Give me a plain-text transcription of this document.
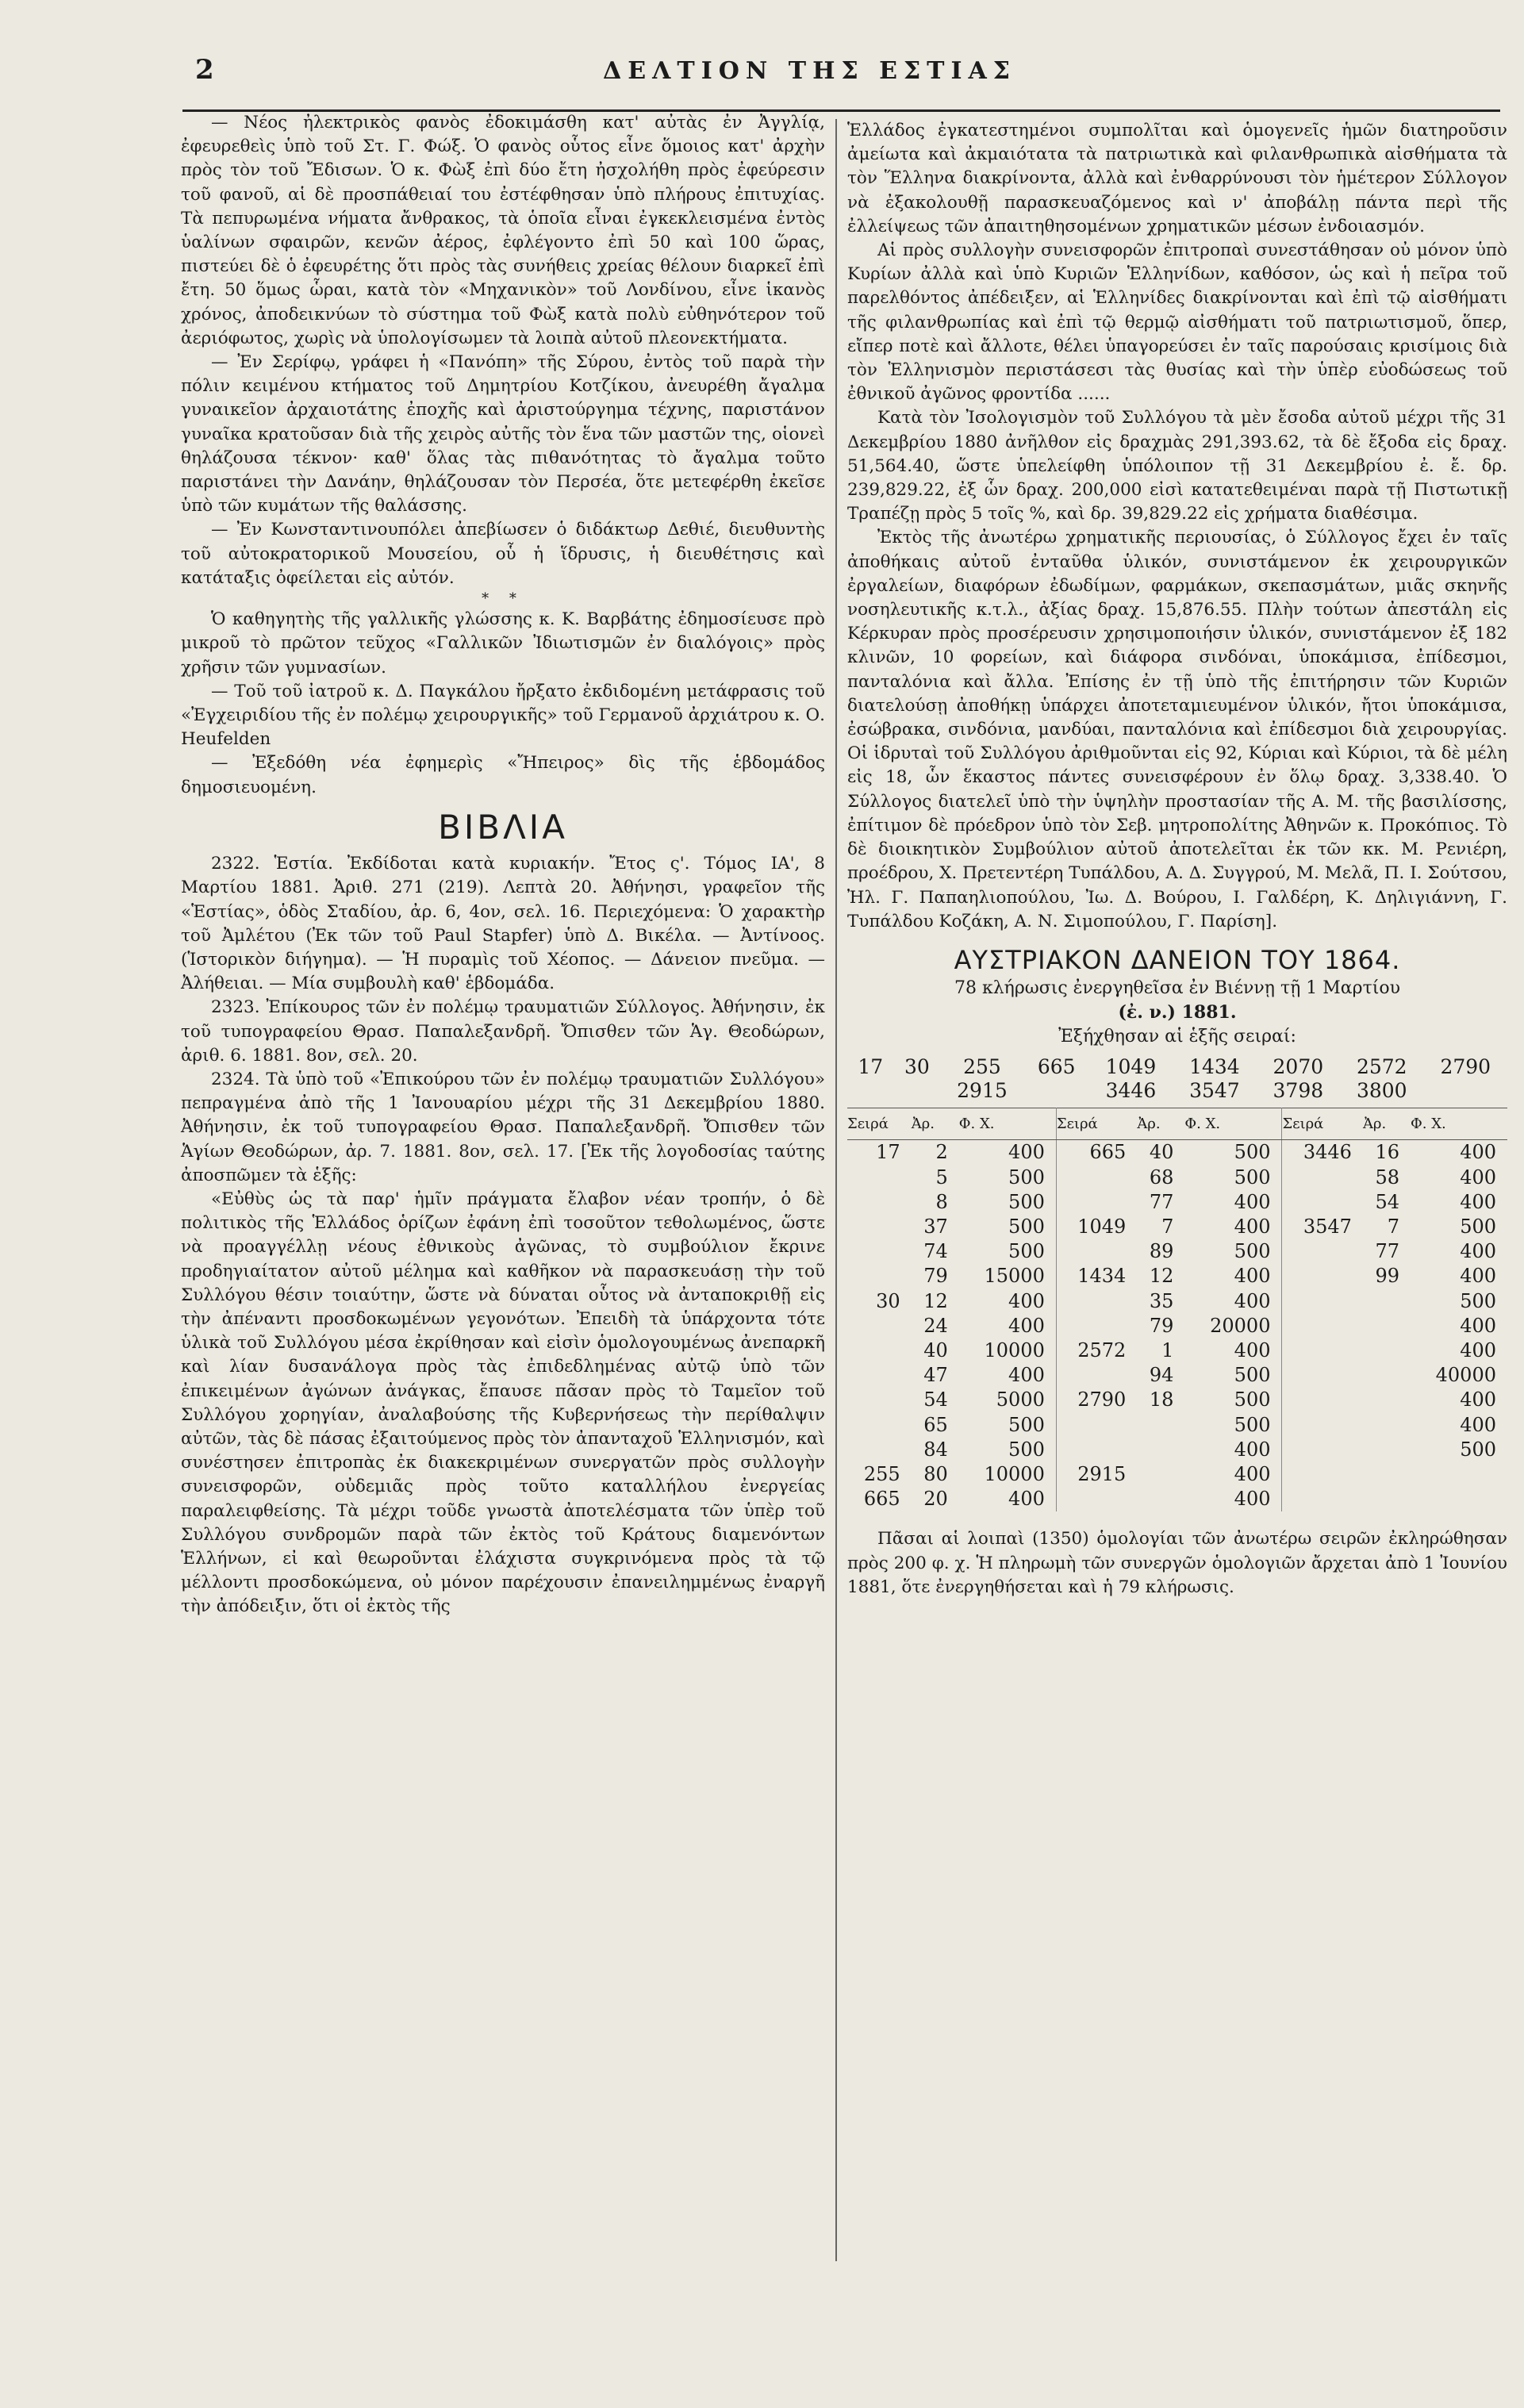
2	ΔΕΛΤΙΟΝ ΤΗΣ ΕΣΤΙΑΣ

— Νέος ἠλεκτρικὸς φανὸς ἐδοκιμάσθη κατ' αὐτὰς ἐν Ἀγγλίᾳ, ἐφευρεθεὶς ὑπὸ τοῦ Στ. Γ. Φώξ. Ὁ φανὸς οὗτος εἶνε ὅμοιος κατ' ἀρχὴν πρὸς τὸν τοῦ Ἔδισων. Ὁ κ. Φὼξ ἐπὶ δύο ἔτη ἠσχολήθη πρὸς ἐφεύρεσιν τοῦ φανοῦ, αἱ δὲ προσπάθειαί του ἐστέφθησαν ὑπὸ πλήρους ἐπιτυχίας. Τὰ πεπυρωμένα νήματα ἄνθρακος, τὰ ὁποῖα εἶναι ἐγκεκλεισμένα ἐντὸς ὑαλίνων σφαιρῶν, κενῶν ἀέρος, ἐφλέγοντο ἐπὶ 50 καὶ 100 ὥρας, πιστεύει δὲ ὁ ἐφευρέτης ὅτι πρὸς τὰς συνήθεις χρείας θέλουν διαρκεῖ ἐπὶ ἔτη. 50 ὅμως ὧραι, κατὰ τὸν «Μηχανικὸν» τοῦ Λονδίνου, εἶνε ἱκανὸς χρόνος, ἀποδεικνύων τὸ σύστημα τοῦ Φὼξ κατὰ πολὺ εὐθηνότερον τοῦ ἀεριόφωτος, χωρὶς νὰ ὑπολογίσωμεν τὰ λοιπὰ αὐτοῦ πλεονεκτήματα.

— Ἐν Σερίφῳ, γράφει ἡ «Πανόπη» τῆς Σύρου, ἐντὸς τοῦ παρὰ τὴν πόλιν κειμένου κτήματος τοῦ Δημητρίου Κοτζίκου, ἀνευρέθη ἄγαλμα γυναικεῖον ἀρχαιοτάτης ἐποχῆς καὶ ἀριστούργημα τέχνης, παριστάνον γυναῖκα κρατοῦσαν διὰ τῆς χειρὸς αὐτῆς τὸν ἕνα τῶν μαστῶν της, οἱονεὶ θηλάζουσα τέκνον· καθ' ὅλας τὰς πιθανότητας τὸ ἄγαλμα τοῦτο παριστάνει τὴν Δανάην, θηλάζουσαν τὸν Περσέα, ὅτε μετεφέρθη ἐκεῖσε ὑπὸ τῶν κυμάτων τῆς θαλάσσης.

— Ἐν Κωνσταντινουπόλει ἀπεβίωσεν ὁ διδάκτωρ Δεθιέ, διευθυντὴς τοῦ αὐτοκρατορικοῦ Μουσείου, οὗ ἡ ἵδρυσις, ἡ διευθέτησις καὶ κατάταξις ὀφείλεται εἰς αὐτόν.

* *

Ὁ καθηγητὴς τῆς γαλλικῆς γλώσσης κ. Κ. Βαρβάτης ἐδημοσίευσε πρὸ μικροῦ τὸ πρῶτον τεῦχος «Γαλλικῶν Ἰδιωτισμῶν ἐν διαλόγοις» πρὸς χρῆσιν τῶν γυμνασίων.

— Τοῦ τοῦ ἰατροῦ κ. Δ. Παγκάλου ἤρξατο ἐκδιδομένη μετάφρασις τοῦ «Ἐγχειριδίου τῆς ἐν πολέμῳ χειρουργικῆς» τοῦ Γερμανοῦ ἀρχιάτρου κ. Ο. Heufelden

— Ἐξεδόθη νέα ἐφημερὶς «Ἤπειρος» δὶς τῆς ἑβδομάδος δημοσιευομένη.

ΒΙΒΛΙΑ

2322. Ἑστία. Ἐκδίδοται κατὰ κυριακήν. Ἔτος ς'. Τόμος ΙΑ', 8 Μαρτίου 1881. Ἀριθ. 271 (219). Λεπτὰ 20. Ἀθήνησι, γραφεῖον τῆς «Ἑστίας», ὁδὸς Σταδίου, ἀρ. 6, 4ον, σελ. 16. Περιεχόμενα: Ὁ χαρακτὴρ τοῦ Ἀμλέτου (Ἐκ τῶν τοῦ Paul Stapfer) ὑπὸ Δ. Βικέλα. — Ἀντίνοος. (Ἱστορικὸν διήγημα). — Ἡ πυραμὶς τοῦ Χέοπος. — Δάνειον πνεῦμα. — Ἀλήθειαι. — Μία συμβουλὴ καθ' ἑβδομάδα.

2323. Ἐπίκουρος τῶν ἐν πολέμῳ τραυματιῶν Σύλλογος. Ἀθήνησιν, ἐκ τοῦ τυπογραφείου Θρασ. Παπαλεξανδρῆ. Ὄπισθεν τῶν Ἁγ. Θεοδώρων, ἀριθ. 6. 1881. 8ον, σελ. 20.

2324. Τὰ ὑπὸ τοῦ «Ἐπικούρου τῶν ἐν πολέμῳ τραυματιῶν Συλλόγου» πεπραγμένα ἀπὸ τῆς 1 Ἰανουαρίου μέχρι τῆς 31 Δεκεμβρίου 1880. Ἀθήνησιν, ἐκ τοῦ τυπογραφείου Θρασ. Παπαλεξανδρῆ. Ὄπισθεν τῶν Ἁγίων Θεοδώρων, ἀρ. 7. 1881. 8ον, σελ. 17. [Ἐκ τῆς λογοδοσίας ταύτης ἀποσπῶμεν τὰ ἑξῆς:

«Εὐθὺς ὡς τὰ παρ' ἡμῖν πράγματα ἔλαβον νέαν τροπήν, ὁ δὲ πολιτικὸς τῆς Ἑλλάδος ὁρίζων ἐφάνη ἐπὶ τοσοῦτον τεθολωμένος, ὥστε νὰ προαγγέλλῃ νέους ἐθνικοὺς ἀγῶνας, τὸ συμβούλιον ἔκρινε προδηγιαίτατον αὐτοῦ μέλημα καὶ καθῆκον νὰ παρασκευάσῃ τὴν τοῦ Συλλόγου θέσιν τοιαύτην, ὥστε νὰ δύναται οὗτος νὰ ἀνταποκριθῇ εἰς τὴν ἀπέναντι προσδοκωμένων γεγονότων. Ἐπειδὴ τὰ ὑπάρχοντα τότε ὑλικὰ τοῦ Συλλόγου μέσα ἐκρίθησαν καὶ εἰσὶν ὁμολογουμένως ἀνεπαρκῆ καὶ λίαν δυσανάλογα πρὸς τὰς ἐπιδεδλημένας αὐτῷ ὑπὸ τῶν ἐπικειμένων ἀγώνων ἀνάγκας, ἔπαυσε πᾶσαν πρὸς τὸ Ταμεῖον τοῦ Συλλόγου χορηγίαν, ἀναλαβούσης τῆς Κυβερνήσεως τὴν περίθαλψιν αὐτῶν, τὰς δὲ πάσας ἐξαιτούμενος πρὸς τὸν ἀπανταχοῦ Ἑλληνισμόν, καὶ συνέστησεν ἐπιτροπὰς ἐκ διακεκριμένων συνεργατῶν πρὸς συλλογὴν συνεισφορῶν, οὐδεμιᾶς πρὸς τοῦτο καταλλήλου ἐνεργείας παραλειφθείσης. Τὰ μέχρι τοῦδε γνωστὰ ἀποτελέσματα τῶν ὑπὲρ τοῦ Συλλόγου συνδρομῶν παρὰ τῶν ἐκτὸς τοῦ Κράτους διαμενόντων Ἑλλήνων, εἰ καὶ θεωροῦνται ἐλάχιστα συγκρινόμενα πρὸς τὰ τῷ μέλλοντι προσδοκώμενα, οὐ μόνον παρέχουσιν ἐπανειλημμένως ἐναργῆ τὴν ἀπόδειξιν, ὅτι οἱ ἐκτὸς τῆς

Ἑλλάδος ἐγκατεστημένοι συμπολῖται καὶ ὁμογενεῖς ἡμῶν διατηροῦσιν ἀμείωτα καὶ ἀκμαιότατα τὰ πατριωτικὰ καὶ φιλανθρωπικὰ αἰσθήματα τὰ τὸν Ἕλληνα διακρίνοντα, ἀλλὰ καὶ ἐνθαρρύνουσι τὸν ἡμέτερον Σύλλογον νὰ ἐξακολουθῇ παρασκευαζόμενος καὶ ν' ἀποβάλῃ πάντα περὶ τῆς ἐλλείψεως τῶν ἀπαιτηθησομένων χρηματικῶν μέσων ἐνδοιασμόν.

Αἱ πρὸς συλλογὴν συνεισφορῶν ἐπιτροπαὶ συνεστάθησαν οὐ μόνον ὑπὸ Κυρίων ἀλλὰ καὶ ὑπὸ Κυριῶν Ἑλληνίδων, καθόσον, ὡς καὶ ἡ πεῖρα τοῦ παρελθόντος ἀπέδειξεν, αἱ Ἑλληνίδες διακρίνονται καὶ ἐπὶ τῷ αἰσθήματι τῆς φιλανθρωπίας καὶ ἐπὶ τῷ θερμῷ αἰσθήματι τοῦ πατριωτισμοῦ, ὅπερ, εἴπερ ποτὲ καὶ ἄλλοτε, θέλει ὑπαγορεύσει ἐν ταῖς παρούσαις κρισίμοις διὰ τὸν Ἑλληνισμὸν περιστάσεσι τὰς θυσίας καὶ τὴν ὑπὲρ εὐοδώσεως τοῦ ἐθνικοῦ ἀγῶνος φροντίδα ......

Κατὰ τὸν Ἰσολογισμὸν τοῦ Συλλόγου τὰ μὲν ἔσοδα αὐτοῦ μέχρι τῆς 31 Δεκεμβρίου 1880 ἀνῆλθον εἰς δραχμὰς 291,393.62, τὰ δὲ ἔξοδα εἰς δραχ. 51,564.40, ὥστε ὑπελείφθη ὑπόλοιπον τῇ 31 Δεκεμβρίου ἐ. ἔ. δρ. 239,829.22, ἐξ ὧν δραχ. 200,000 εἰσὶ κατατεθειμέναι παρὰ τῇ Πιστωτικῇ Τραπέζῃ πρὸς 5 τοῖς %, καὶ δρ. 39,829.22 εἰς χρήματα διαθέσιμα.

Ἐκτὸς τῆς ἀνωτέρω χρηματικῆς περιουσίας, ὁ Σύλλογος ἔχει ἐν ταῖς ἀποθήκαις αὐτοῦ ἐνταῦθα ὑλικόν, συνιστάμενον ἐκ χειρουργικῶν ἐργαλείων, διαφόρων ἐδωδίμων, φαρμάκων, σκεπασμάτων, μιᾶς σκηνῆς νοσηλευτικῆς κ.τ.λ., ἀξίας δραχ. 15,876.55. Πλὴν τούτων ἀπεστάλη εἰς Κέρκυραν πρὸς προσέρευσιν χρησιμοποιήσιν ὑλικόν, συνιστάμενον ἐξ 182 κλινῶν, 10 φορείων, καὶ διάφορα σινδόναι, ὑποκάμισα, ἐπίδεσμοι, πανταλόνια καὶ ἄλλα. Ἐπίσης ἐν τῇ ὑπὸ τῆς ἐπιτήρησιν τῶν Κυριῶν διατελούσῃ ἀποθήκῃ ὑπάρχει ἀποτεταμιευμένον ὑλικόν, ἤτοι ὑποκάμισα, ἐσώβρακα, σινδόνια, μανδύαι, πανταλόνια καὶ ἐπίδεσμοι διὰ χειρουργίας. Οἱ ἱδρυταὶ τοῦ Συλλόγου ἀριθμοῦνται εἰς 92, Κύριαι καὶ Κύριοι, τὰ δὲ μέλη εἰς 18, ὧν ἕκαστος πάντες συνεισφέρουν ἐν ὅλῳ δραχ. 3,338.40. Ὁ Σύλλογος διατελεῖ ὑπὸ τὴν ὑψηλὴν προστασίαν τῆς Α. Μ. τῆς βασιλίσσης, ἐπίτιμον δὲ πρόεδρον ὑπὸ τὸν Σεβ. μητροπολίτης Ἀθηνῶν κ. Προκόπιος. Τὸ δὲ διοικητικὸν Συμβούλιον αὐτοῦ ἀποτελεῖται ἐκ τῶν κκ. Μ. Ρενιέρη, προέδρου, Χ. Πρετεντέρη Τυπάλδου, Α. Δ. Συγγρού, Μ. Μελᾶ, Π. Ι. Σούτσου, Ἠλ. Γ. Παπαηλιοπούλου, Ἰω. Δ. Βούρου, Ι. Γαλδέρη, Κ. Δηλιγιάννη, Γ. Τυπάλδου Κοζάκη, Α. Ν. Σιμοπούλου, Γ. Παρίση].

ΑΥΣΤΡΙΑΚΟΝ ΔΑΝΕΙΟΝ ΤΟΥ 1864.
78 κλήρωσις ἐνεργηθεῖσα ἐν Βιέννῃ τῇ 1 Μαρτίου
(ἐ. ν.) 1881.
Ἐξήχθησαν αἱ ἑξῆς σειραί:
17	30	255	665	1049	1434	2070	2572	2790
		2915		3446	3547	3798	3800	
Σειρά	Ἀρ.	Φ. Χ.	Σειρά	Ἀρ.	Φ. Χ.	Σειρά	Ἀρ.	Φ. Χ.
17	2	400	665	40	500	3446	16	400
	5	500		68	500		58	400
	8	500		77	400		54	400
	37	500	1049	7	400	3547	7	500
	74	500		89	500		77	400
	79	15000	1434	12	400		99	400
30	12	400		35	400			500
	24	400		79	20000			400
	40	10000	2572	1	400			400
	47	400		94	500			40000
	54	5000	2790	18	500			400
	65	500			500			400
	84	500			400			500
255	80	10000	2915		400			
665	20	400			400			

Πᾶσαι αἱ λοιπαὶ (1350) ὁμολογίαι τῶν ἀνωτέρω σειρῶν ἐκληρώθησαν πρὸς 200 φ. χ. Ἡ πληρωμὴ τῶν συνεργῶν ὁμολογιῶν ἄρχεται ἀπὸ 1 Ἰουνίου 1881, ὅτε ἐνεργηθήσεται καὶ ἡ 79 κλήρωσις.
